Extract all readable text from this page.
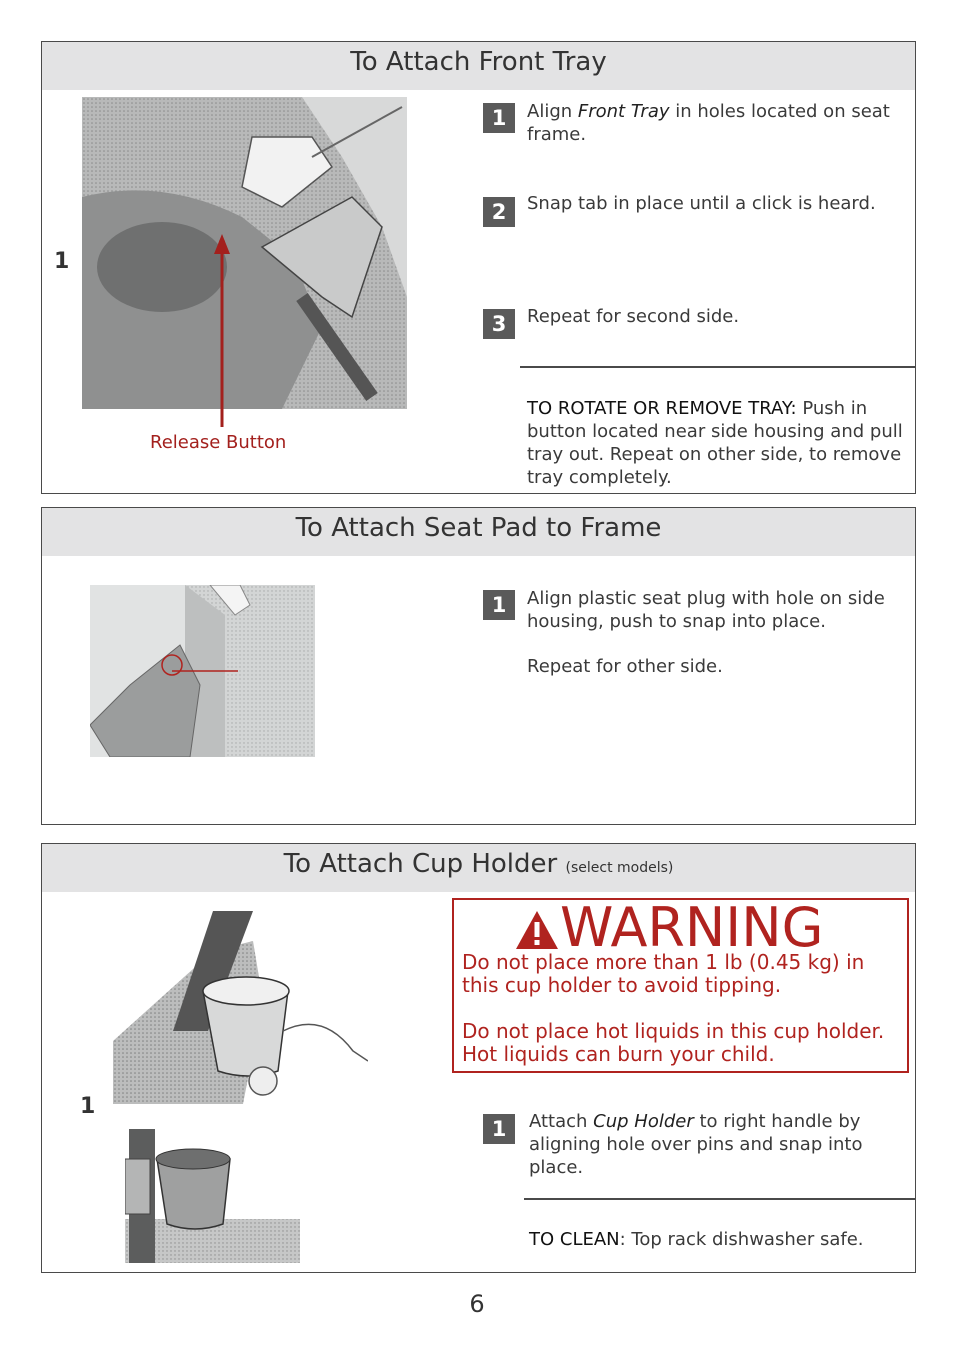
To Attach Front Tray
Release Button
1
1	Align Front Tray in holes located on seat frame.
2	Snap tab in place until a click is heard.
3	Repeat for second side.
TO ROTATE OR REMOVE TRAY: Push in button located near side housing and pull tray out. Repeat on other side, to remove tray completely.
To Attach Seat Pad to Frame
1	Align plastic seat plug with hole on side housing, push to snap into place.
Repeat for other side.
To Attach Cup Holder (select models)
1
1	Attach Cup Holder to right handle by aligning hole over pins and snap into place.
TO CLEAN: Top rack dishwasher safe.
WARNING
Do not place more than 1 lb (0.45 kg) in this cup holder to avoid tipping.
Do not place hot liquids in this cup holder. Hot liquids can burn your child.
6
